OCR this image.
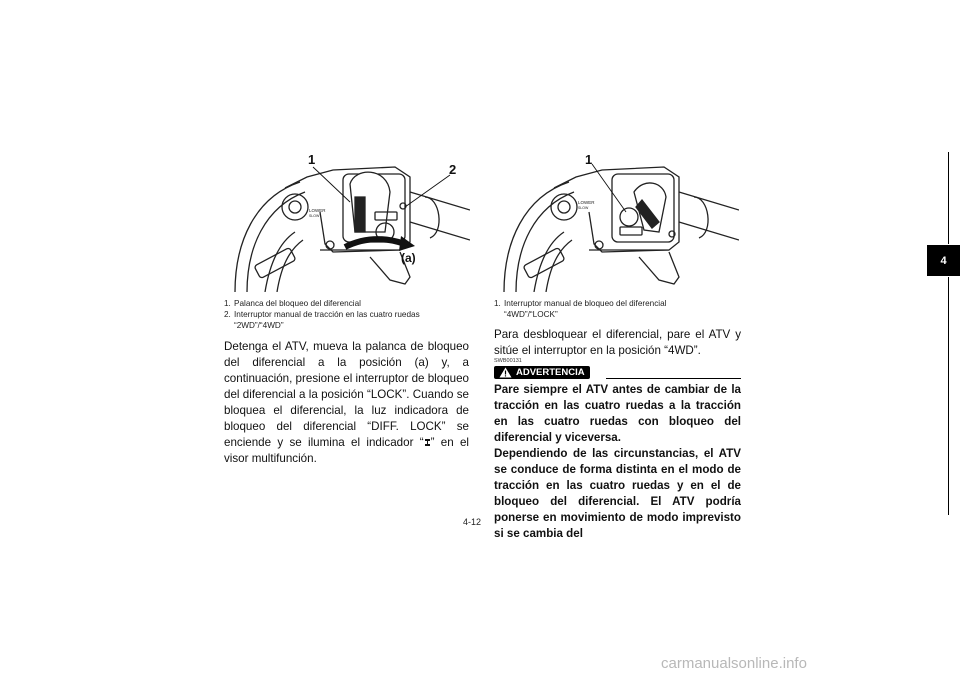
LOWER
SLOW
1
2
(a)
LOWER
SLOW
1
1. Palanca del bloqueo del diferencial
2. Interruptor manual de tracción en las cuatro ruedas
“2WD”/“4WD”
Detenga el ATV, mueva la palanca de bloqueo del diferencial a la posición (a) y, a continuación, presione el interruptor de bloqueo del diferencial a la posición “LOCK”. Cuando se bloquea el diferencial, la luz indicadora de bloqueo del diferencial “DIFF. LOCK” se enciende y se ilumina el indicador “ ” en el visor multifunción.
1. Interruptor manual de bloqueo del diferencial
“4WD”/“LOCK”
Para desbloquear el diferencial, pare el ATV y sitúe el interruptor en la posición “4WD”.
SWB00131
ADVERTENCIA
Pare siempre el ATV antes de cambiar de la tracción en las cuatro ruedas a la tracción en las cuatro ruedas con bloqueo del diferencial y viceversa.
Dependiendo de las circunstancias, el ATV se conduce de forma distinta en el modo de tracción en las cuatro ruedas y en el de bloqueo del diferencial. El ATV podría ponerse en movimiento de modo imprevisto si se cambia del
4
4-12
carmanualsonline.info
